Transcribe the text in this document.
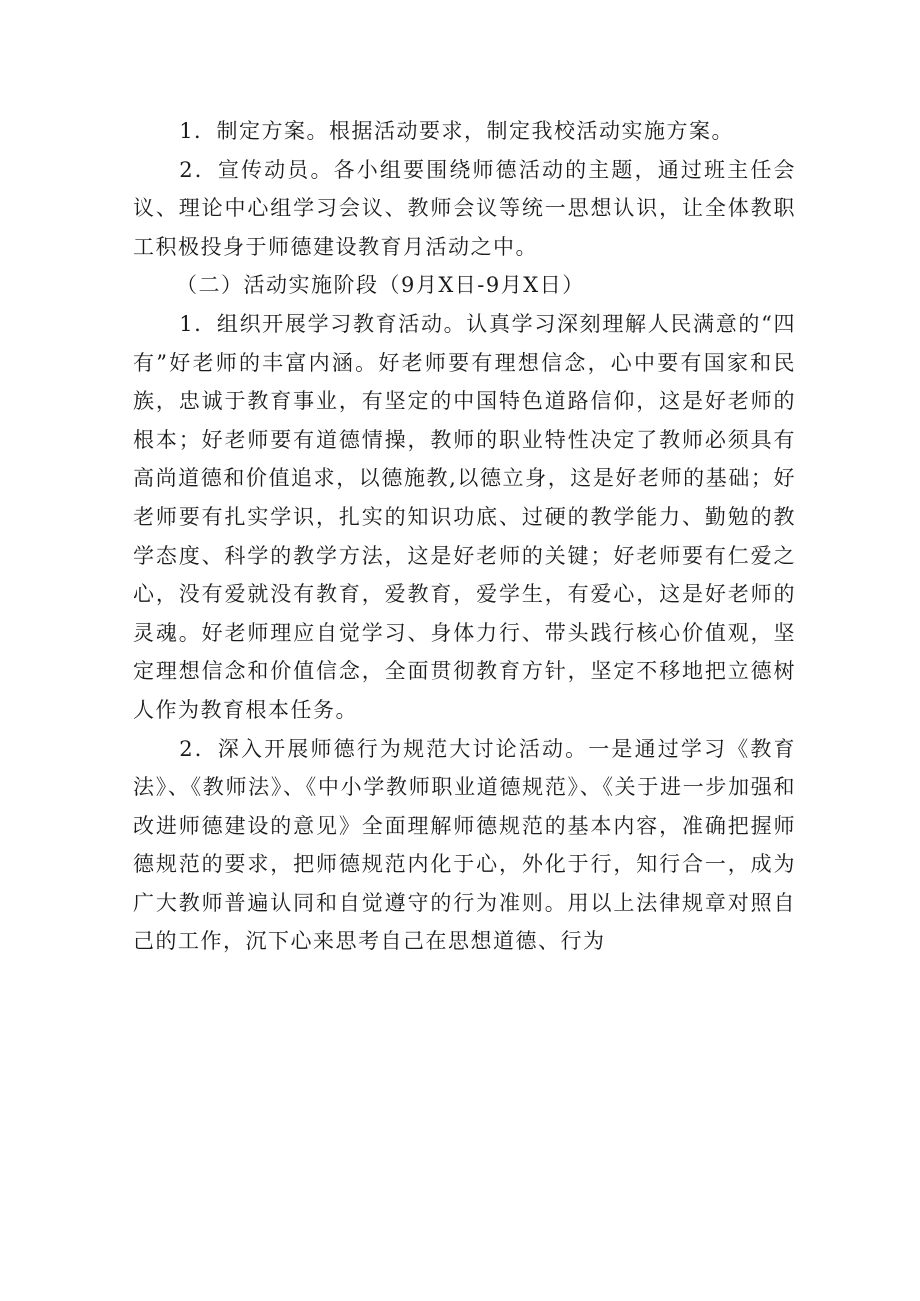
1．制定方案。根据活动要求，制定我校活动实施方案。

2．宣传动员。各小组要围绕师德活动的主题，通过班主任会议、理论中心组学习会议、教师会议等统一思想认识，让全体教职工积极投身于师德建设教育月活动之中。

（二）活动实施阶段（9月X日-9月X日）

1．组织开展学习教育活动。认真学习深刻理解人民满意的“四有”好老师的丰富内涵。好老师要有理想信念，心中要有国家和民族，忠诚于教育事业，有坚定的中国特色道路信仰，这是好老师的根本；好老师要有道德情操，教师的职业特性决定了教师必须具有高尚道德和价值追求，以德施教,以德立身，这是好老师的基础；好老师要有扎实学识，扎实的知识功底、过硬的教学能力、勤勉的教学态度、科学的教学方法，这是好老师的关键；好老师要有仁爱之心，没有爱就没有教育，爱教育，爱学生，有爱心，这是好老师的灵魂。好老师理应自觉学习、身体力行、带头践行核心价值观，坚定理想信念和价值信念，全面贯彻教育方针，坚定不移地把立德树人作为教育根本任务。

2．深入开展师德行为规范大讨论活动。一是通过学习《教育法》、《教师法》、《中小学教师职业道德规范》、《关于进一步加强和改进师德建设的意见》全面理解师德规范的基本内容，准确把握师德规范的要求，把师德规范内化于心，外化于行，知行合一，成为广大教师普遍认同和自觉遵守的行为准则。用以上法律规章对照自己的工作，沉下心来思考自己在思想道德、行为
